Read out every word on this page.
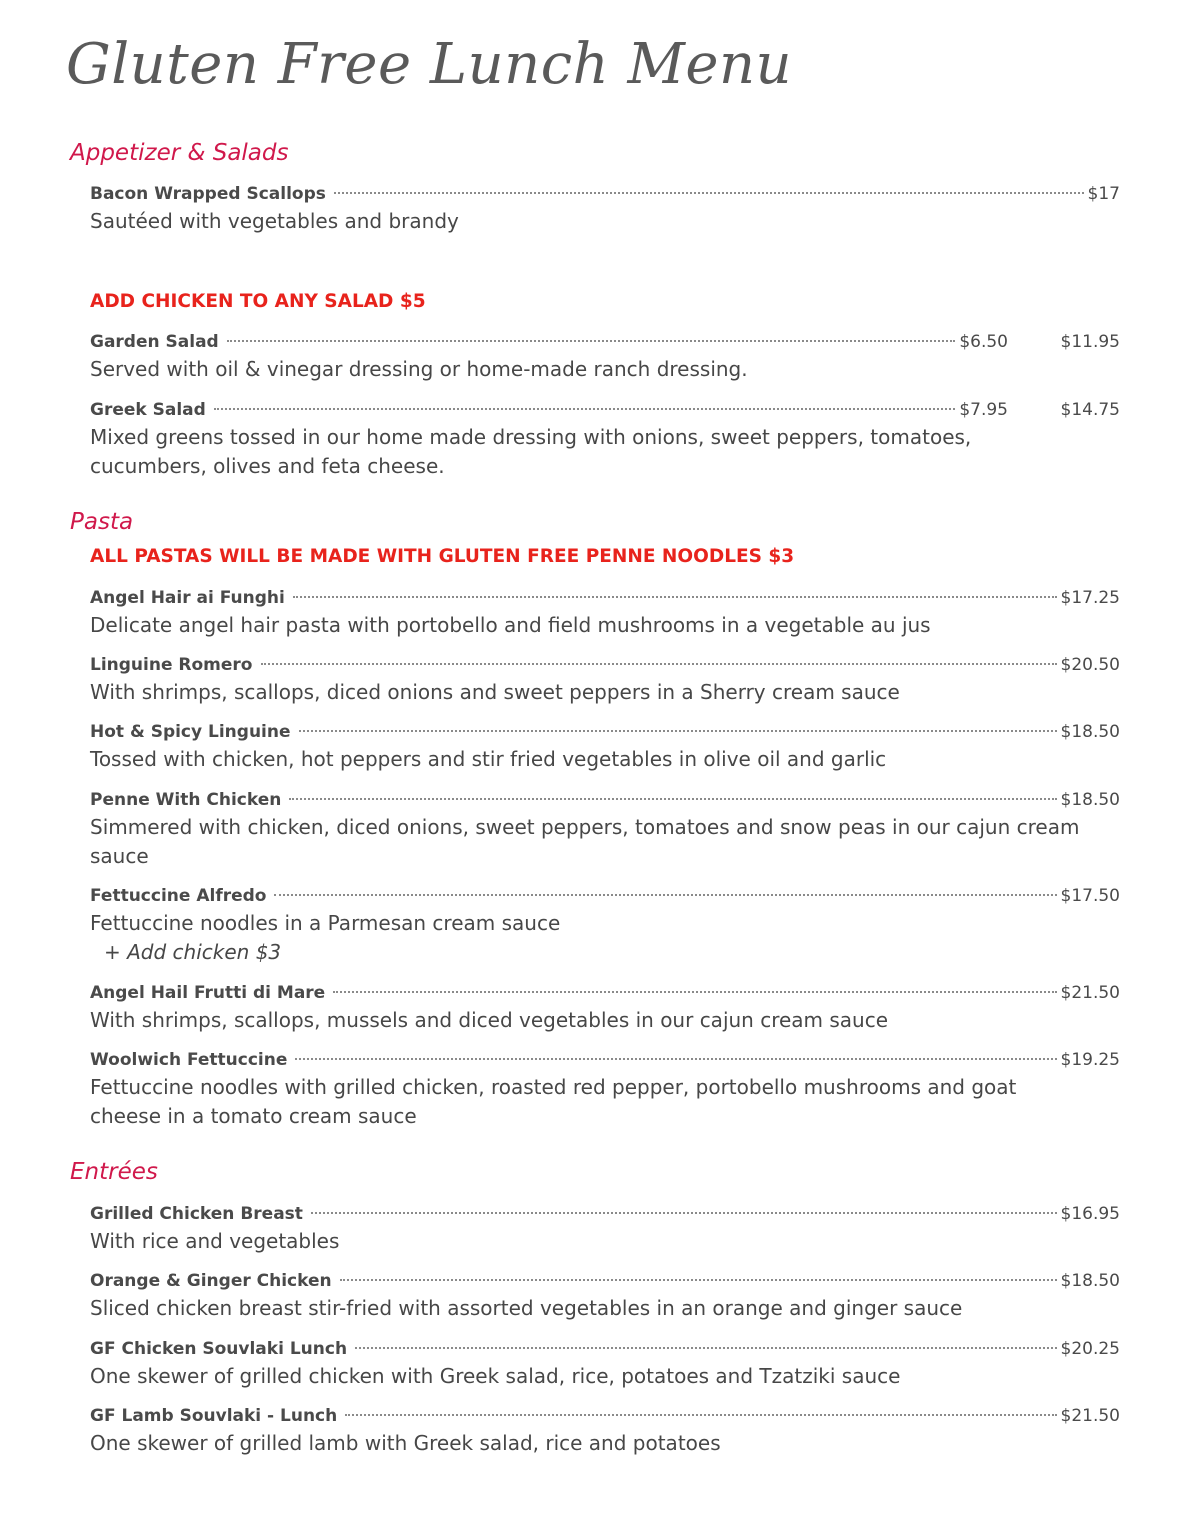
Gluten Free Lunch Menu
Appetizer & Salads
Bacon Wrapped Scallops	$17
Sautéed with vegetables and brandy
ADD CHICKEN TO ANY SALAD $5
Garden Salad	$6.50	$11.95
Served with oil & vinegar dressing or home-made ranch dressing.
Greek Salad	$7.95	$14.75
Mixed greens tossed in our home made dressing with onions, sweet peppers, tomatoes, cucumbers, olives and feta cheese.
Pasta
ALL PASTAS WILL BE MADE WITH GLUTEN FREE PENNE NOODLES $3
Angel Hair ai Funghi	$17.25
Delicate angel hair pasta with portobello and field mushrooms in a vegetable au jus
Linguine Romero	$20.50
With shrimps, scallops, diced onions and sweet peppers in a Sherry cream sauce
Hot & Spicy Linguine	$18.50
Tossed with chicken, hot peppers and stir fried vegetables in olive oil and garlic
Penne With Chicken	$18.50
Simmered with chicken, diced onions, sweet peppers, tomatoes and snow peas in our cajun cream sauce
Fettuccine Alfredo	$17.50
Fettuccine noodles in a Parmesan cream sauce
+ Add chicken $3
Angel Hail Frutti di Mare	$21.50
With shrimps, scallops, mussels and diced vegetables in our cajun cream sauce
Woolwich Fettuccine	$19.25
Fettuccine noodles with grilled chicken, roasted red pepper, portobello mushrooms and goat cheese in a tomato cream sauce
Entrées
Grilled Chicken Breast	$16.95
With rice and vegetables
Orange & Ginger Chicken	$18.50
Sliced chicken breast stir-fried with assorted vegetables in an orange and ginger sauce
GF Chicken Souvlaki Lunch	$20.25
One skewer of grilled chicken with Greek salad, rice, potatoes and Tzatziki sauce
GF Lamb Souvlaki - Lunch	$21.50
One skewer of grilled lamb with Greek salad, rice and potatoes
